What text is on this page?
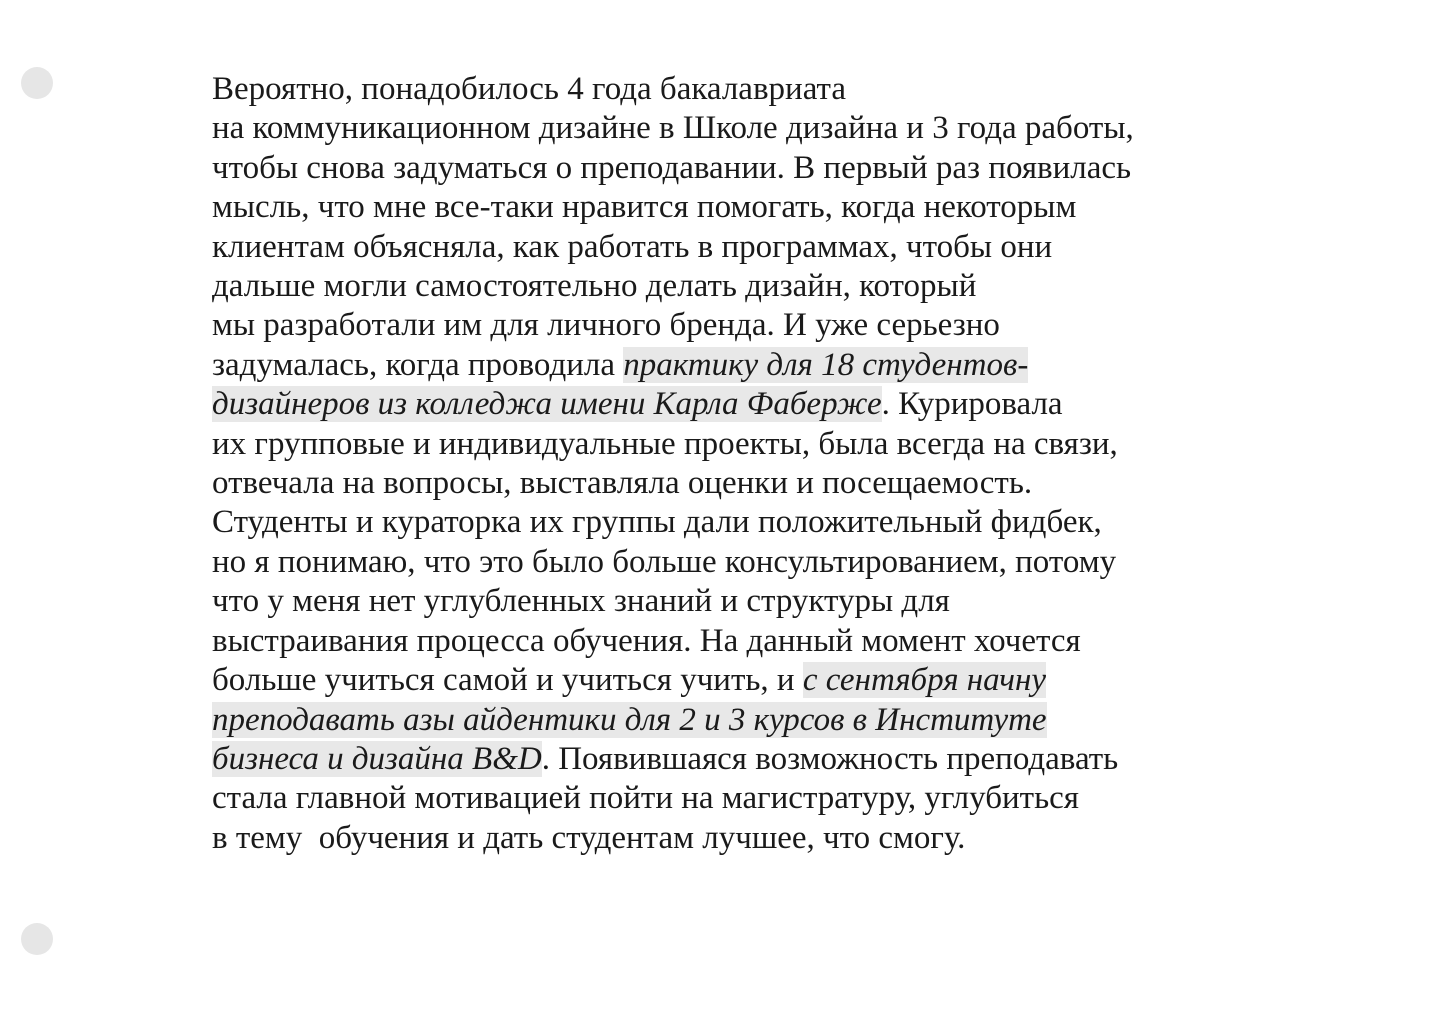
Вероятно, понадобилось 4 года бакалавриата
на коммуникационном дизайне в Школе дизайна и 3 года работы,
чтобы снова задуматься о преподавании. В первый раз появилась
мысль, что мне все-таки нравится помогать, когда некоторым
клиентам объясняла, как работать в программах, чтобы они
дальше могли самостоятельно делать дизайн, который
мы разработали им для личного бренда. И уже серьезно
задумалась, когда проводила практику для 18 студентов-
дизайнеров из колледжа имени Карла Фаберже. Курировала
их групповые и индивидуальные проекты, была всегда на связи,
отвечала на вопросы, выставляла оценки и посещаемость.
Студенты и кураторка их группы дали положительный фидбек,
но я понимаю, что это было больше консультированием, потому
что у меня нет углубленных знаний и структуры для
выстраивания процесса обучения. На данный момент хочется
больше учиться самой и учиться учить, и с сентября начну
преподавать азы айдентики для 2 и 3 курсов в Институте
бизнеса и дизайна B&D. Появившаяся возможность преподавать
стала главной мотивацией пойти на магистратуру, углубиться
в тему  обучения и дать студентам лучшее, что смогу.
